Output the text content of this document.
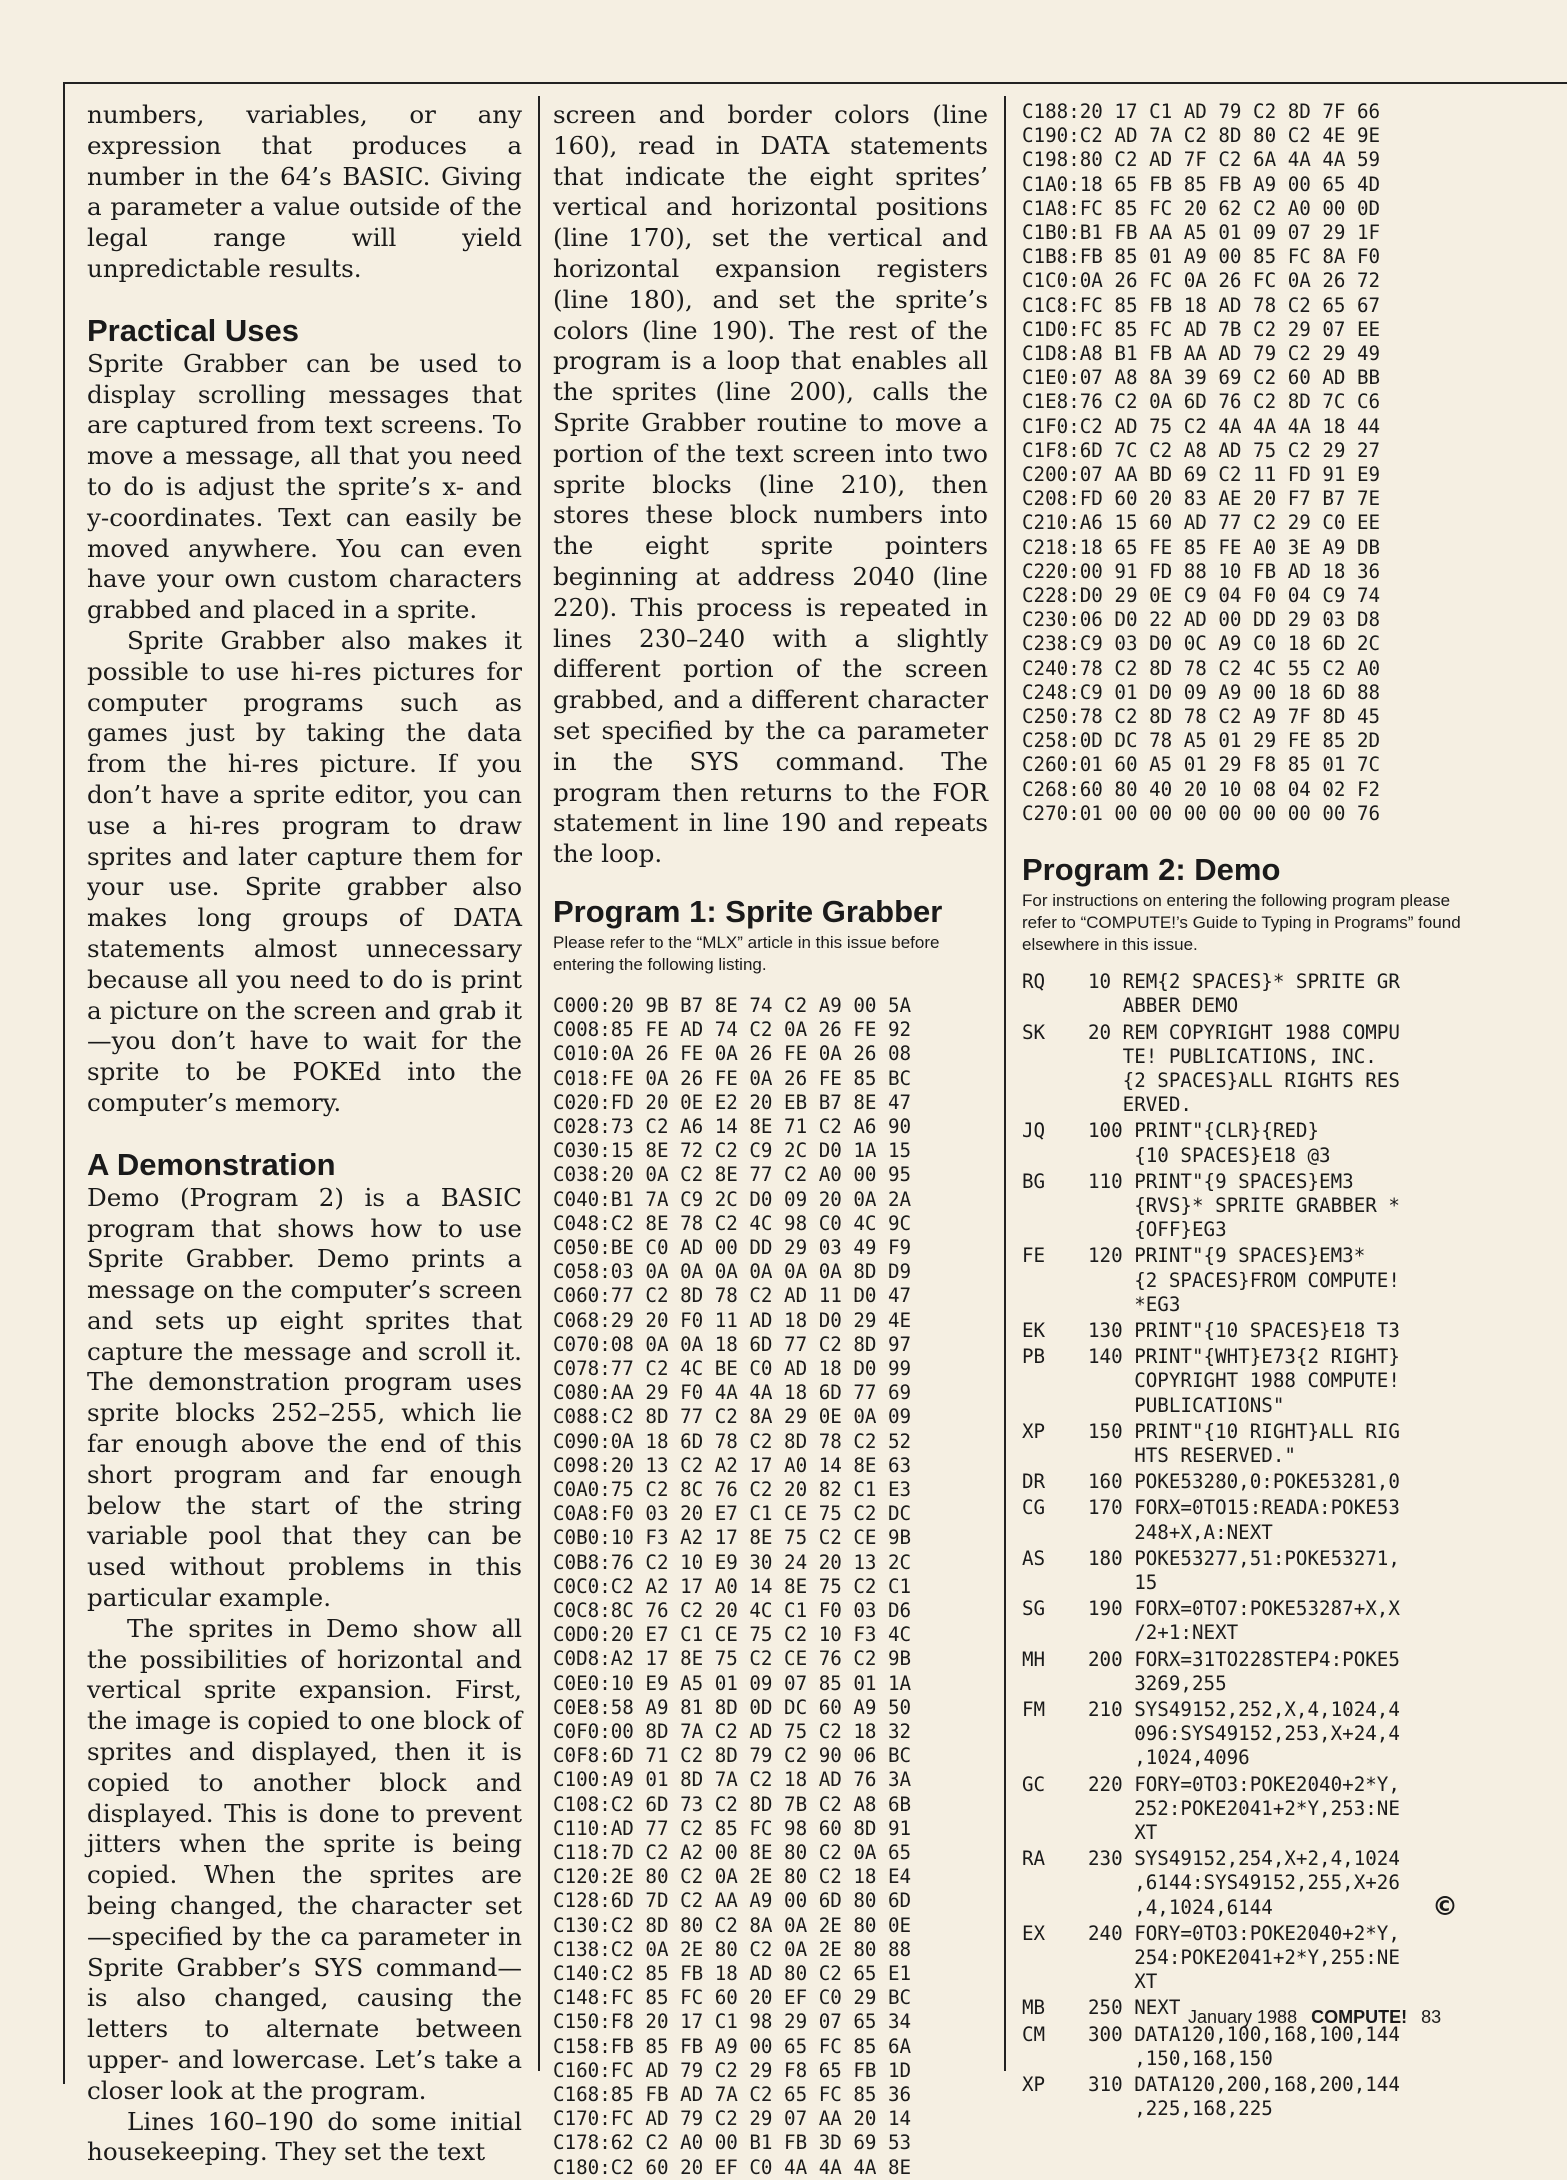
numbers, variables, or any expression that produces a number in the 64’s BASIC. Giving a parameter a value outside of the legal range will yield unpredictable results.

Practical Uses

Sprite Grabber can be used to display scrolling messages that are captured from text screens. To move a message, all that you need to do is adjust the sprite’s x- and y-coordinates. Text can easily be moved anywhere. You can even have your own custom characters grabbed and placed in a sprite.

Sprite Grabber also makes it possible to use hi-res pictures for computer programs such as games just by taking the data from the hi-res picture. If you don’t have a sprite editor, you can use a hi-res program to draw sprites and later capture them for your use. Sprite grabber also makes long groups of DATA statements almost unnecessary because all you need to do is print a picture on the screen and grab it—you don’t have to wait for the sprite to be POKEd into the computer’s memory.

A Demonstration

Demo (Program 2) is a BASIC program that shows how to use Sprite Grabber. Demo prints a message on the computer’s screen and sets up eight sprites that capture the message and scroll it. The demonstration program uses sprite blocks 252–255, which lie far enough above the end of this short program and far enough below the start of the string variable pool that they can be used without problems in this particular example.

The sprites in Demo show all the possibilities of horizontal and vertical sprite expansion. First, the image is copied to one block of sprites and displayed, then it is copied to another block and displayed. This is done to prevent jitters when the sprite is being copied. When the sprites are being changed, the character set—specified by the ca parameter in Sprite Grabber’s SYS command—is also changed, causing the letters to alternate between upper- and lowercase. Let’s take a closer look at the program.

Lines 160–190 do some initial housekeeping. They set the text

screen and border colors (line 160), read in DATA statements that indicate the eight sprites’ vertical and horizontal positions (line 170), set the vertical and horizontal expansion registers (line 180), and set the sprite’s colors (line 190). The rest of the program is a loop that enables all the sprites (line 200), calls the Sprite Grabber routine to move a portion of the text screen into two sprite blocks (line 210), then stores these block numbers into the eight sprite pointers beginning at address 2040 (line 220). This process is repeated in lines 230–240 with a slightly different portion of the screen grabbed, and a different character set specified by the ca parameter in the SYS command. The program then returns to the FOR statement in line 190 and repeats the loop.

Program 1: Sprite Grabber
Please refer to the “MLX” article in this issue before entering the following listing.
C000:20 9B B7 8E 74 C2 A9 00 5A
C008:85 FE AD 74 C2 0A 26 FE 92
C010:0A 26 FE 0A 26 FE 0A 26 08
C018:FE 0A 26 FE 0A 26 FE 85 BC
C020:FD 20 0E E2 20 EB B7 8E 47
C028:73 C2 A6 14 8E 71 C2 A6 90
C030:15 8E 72 C2 C9 2C D0 1A 15
C038:20 0A C2 8E 77 C2 A0 00 95
C040:B1 7A C9 2C D0 09 20 0A 2A
C048:C2 8E 78 C2 4C 98 C0 4C 9C
C050:BE C0 AD 00 DD 29 03 49 F9
C058:03 0A 0A 0A 0A 0A 0A 8D D9
C060:77 C2 8D 78 C2 AD 11 D0 47
C068:29 20 F0 11 AD 18 D0 29 4E
C070:08 0A 0A 18 6D 77 C2 8D 97
C078:77 C2 4C BE C0 AD 18 D0 99
C080:AA 29 F0 4A 4A 18 6D 77 69
C088:C2 8D 77 C2 8A 29 0E 0A 09
C090:0A 18 6D 78 C2 8D 78 C2 52
C098:20 13 C2 A2 17 A0 14 8E 63
C0A0:75 C2 8C 76 C2 20 82 C1 E3
C0A8:F0 03 20 E7 C1 CE 75 C2 DC
C0B0:10 F3 A2 17 8E 75 C2 CE 9B
C0B8:76 C2 10 E9 30 24 20 13 2C
C0C0:C2 A2 17 A0 14 8E 75 C2 C1
C0C8:8C 76 C2 20 4C C1 F0 03 D6
C0D0:20 E7 C1 CE 75 C2 10 F3 4C
C0D8:A2 17 8E 75 C2 CE 76 C2 9B
C0E0:10 E9 A5 01 09 07 85 01 1A
C0E8:58 A9 81 8D 0D DC 60 A9 50
C0F0:00 8D 7A C2 AD 75 C2 18 32
C0F8:6D 71 C2 8D 79 C2 90 06 BC
C100:A9 01 8D 7A C2 18 AD 76 3A
C108:C2 6D 73 C2 8D 7B C2 A8 6B
C110:AD 77 C2 85 FC 98 60 8D 91
C118:7D C2 A2 00 8E 80 C2 0A 65
C120:2E 80 C2 0A 2E 80 C2 18 E4
C128:6D 7D C2 AA A9 00 6D 80 6D
C130:C2 8D 80 C2 8A 0A 2E 80 0E
C138:C2 0A 2E 80 C2 0A 2E 80 88
C140:C2 85 FB 18 AD 80 C2 65 E1
C148:FC 85 FC 60 20 EF C0 29 BC
C150:F8 20 17 C1 98 29 07 65 34
C158:FB 85 FB A9 00 65 FC 85 6A
C160:FC AD 79 C2 29 F8 65 FB 1D
C168:85 FB AD 7A C2 65 FC 85 36
C170:FC AD 79 C2 29 07 AA 20 14
C178:62 C2 A0 00 B1 FB 3D 69 53
C180:C2 60 20 EF C0 4A 4A 4A 8E
C188:20 17 C1 AD 79 C2 8D 7F 66
C190:C2 AD 7A C2 8D 80 C2 4E 9E
C198:80 C2 AD 7F C2 6A 4A 4A 59
C1A0:18 65 FB 85 FB A9 00 65 4D
C1A8:FC 85 FC 20 62 C2 A0 00 0D
C1B0:B1 FB AA A5 01 09 07 29 1F
C1B8:FB 85 01 A9 00 85 FC 8A F0
C1C0:0A 26 FC 0A 26 FC 0A 26 72
C1C8:FC 85 FB 18 AD 78 C2 65 67
C1D0:FC 85 FC AD 7B C2 29 07 EE
C1D8:A8 B1 FB AA AD 79 C2 29 49
C1E0:07 A8 8A 39 69 C2 60 AD BB
C1E8:76 C2 0A 6D 76 C2 8D 7C C6
C1F0:C2 AD 75 C2 4A 4A 4A 18 44
C1F8:6D 7C C2 A8 AD 75 C2 29 27
C200:07 AA BD 69 C2 11 FD 91 E9
C208:FD 60 20 83 AE 20 F7 B7 7E
C210:A6 15 60 AD 77 C2 29 C0 EE
C218:18 65 FE 85 FE A0 3E A9 DB
C220:00 91 FD 88 10 FB AD 18 36
C228:D0 29 0E C9 04 F0 04 C9 74
C230:06 D0 22 AD 00 DD 29 03 D8
C238:C9 03 D0 0C A9 C0 18 6D 2C
C240:78 C2 8D 78 C2 4C 55 C2 A0
C248:C9 01 D0 09 A9 00 18 6D 88
C250:78 C2 8D 78 C2 A9 7F 8D 45
C258:0D DC 78 A5 01 29 FE 85 2D
C260:01 60 A5 01 29 F8 85 01 7C
C268:60 80 40 20 10 08 04 02 F2
C270:01 00 00 00 00 00 00 00 76
Program 2: Demo
For instructions on entering the following program please refer to “COMPUTE!’s Guide to Typing in Programs” found elsewhere in this issue.
RQ	10 REM{2 SPACES}* SPRITE GR
ABBER DEMO
SK	20 REM COPYRIGHT 1988 COMPU
TE! PUBLICATIONS, INC.
{2 SPACES}ALL RIGHTS RES
ERVED.
JQ	100 PRINT"{CLR}{RED}
{10 SPACES}E18 @3
BG	110 PRINT"{9 SPACES}EM3
{RVS}* SPRITE GRABBER *
{OFF}EG3
FE	120 PRINT"{9 SPACES}EM3*
{2 SPACES}FROM COMPUTE!
*EG3
EK	130 PRINT"{10 SPACES}E18 T3
PB	140 PRINT"{WHT}E73{2 RIGHT}
COPYRIGHT 1988 COMPUTE!
PUBLICATIONS"
XP	150 PRINT"{10 RIGHT}ALL RIG
HTS RESERVED."
DR	160 POKE53280,0:POKE53281,0
CG	170 FORX=0TO15:READA:POKE53
248+X,A:NEXT
AS	180 POKE53277,51:POKE53271,
15
SG	190 FORX=0TO7:POKE53287+X,X
/2+1:NEXT
MH	200 FORX=31TO228STEP4:POKE5
3269,255
FM	210 SYS49152,252,X,4,1024,4
096:SYS49152,253,X+24,4
,1024,4096
GC	220 FORY=0TO3:POKE2040+2*Y,
252:POKE2041+2*Y,253:NE
XT
RA	230 SYS49152,254,X+2,4,1024
,6144:SYS49152,255,X+26
,4,1024,6144
EX	240 FORY=0TO3:POKE2040+2*Y,
254:POKE2041+2*Y,255:NE
XT
MB	250 NEXT
CM	300 DATA120,100,168,100,144
,150,168,150
XP	310 DATA120,200,168,200,144
,225,168,225
©
January 1988 COMPUTE! 83
